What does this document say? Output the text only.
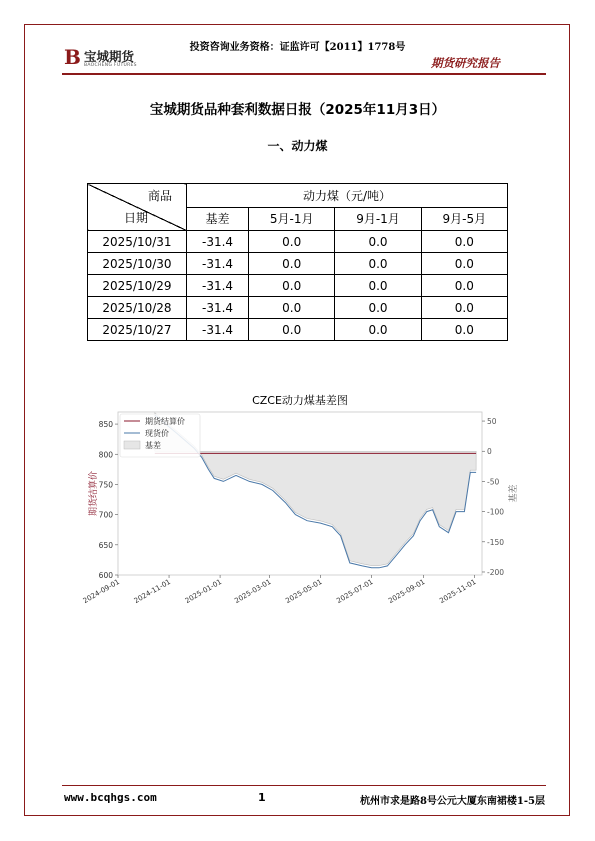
投资咨询业务资格：证监许可【2011】1778号
B 宝城期货
BAOCHENG FUTURES	期货研究报告
宝城期货品种套利数据日报（2025年11月3日）
一、动力煤
商品
日期	动力煤（元/吨）			
	基差	5月-1月	9月-1月	9月-5月
2025/10/31	-31.4	0.0	0.0	0.0
2025/10/30	-31.4	0.0	0.0	0.0
2025/10/29	-31.4	0.0	0.0	0.0
2025/10/28	-31.4	0.0	0.0	0.0
2025/10/27	-31.4	0.0	0.0	0.0
CZCE动力煤基差图
600
650
700
750
800
850
-200
-150
-100
-50
0
50
2024-09-01 2024-11-01 2025-01-01 2025-03-01 2025-05-01 2025-07-01 2025-09-01 2025-11-01
期货结算价	基差
期货结算价
现货价
基差
www.bcqhgs.com	1	杭州市求是路8号公元大厦东南裙楼1-5层
